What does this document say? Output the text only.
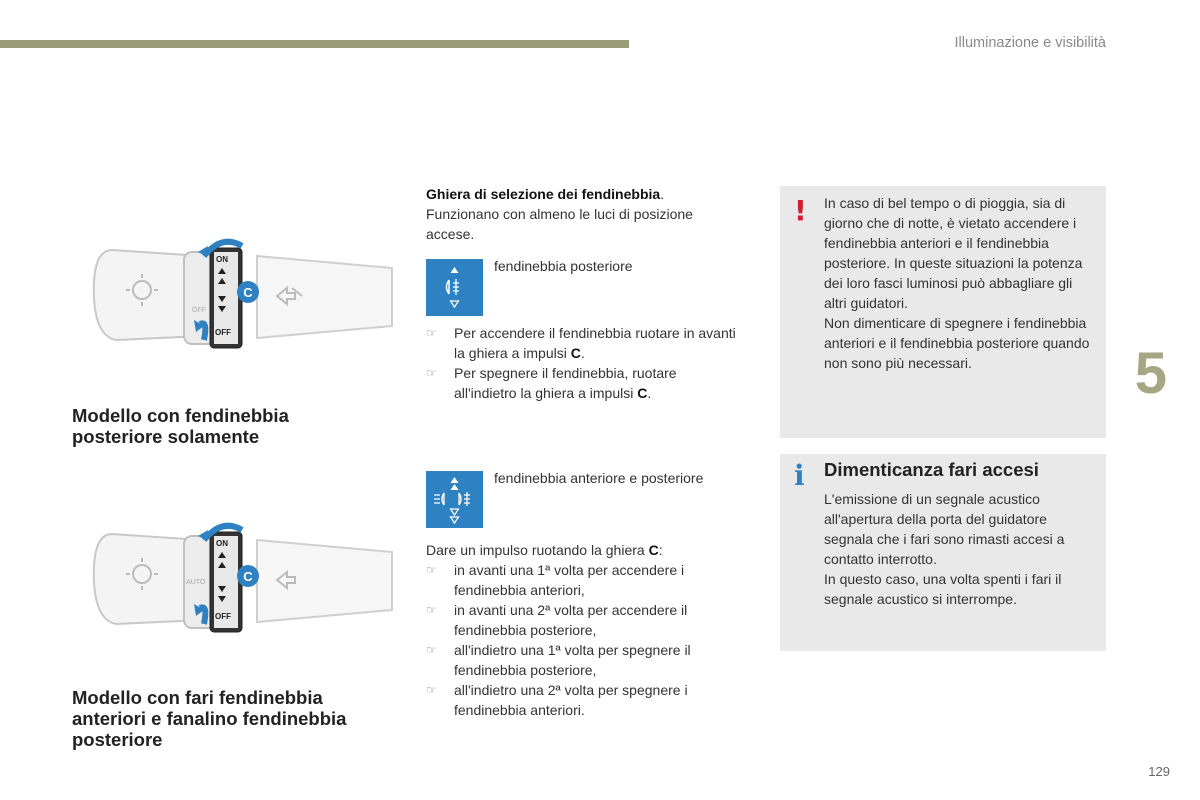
Illuminazione e visibilità
ON
OFF
OFF
C
Modello con fendinebbia posteriore solamente
ON
OFF
AUTO	C
Modello con fari fendinebbia anteriori e fanalino fendinebbia posteriore
Ghiera di selezione dei fendinebbia.
Funzionano con almeno le luci di posizione accese.
fendinebbia posteriore
☞ Per accendere il fendinebbia ruotare in avanti la ghiera a impulsi C.
☞ Per spegnere il fendinebbia, ruotare all'indietro la ghiera a impulsi C.
fendinebbia anteriore e posteriore
Dare un impulso ruotando la ghiera C:
☞ in avanti una 1ª volta per accendere i fendinebbia anteriori,
☞ in avanti una 2ª volta per accendere il fendinebbia posteriore,
☞ all'indietro una 1ª volta per spegnere il fendinebbia posteriore,
☞ all'indietro una 2ª volta per spegnere i fendinebbia anteriori.
! In caso di bel tempo o di pioggia, sia di giorno che di notte, è vietato accendere i fendinebbia anteriori e il fendinebbia posteriore. In queste situazioni la potenza dei loro fasci luminosi può abbagliare gli altri guidatori.
Non dimenticare di spegnere i fendinebbia anteriori e il fendinebbia posteriore quando non sono più necessari.
i Dimenticanza fari accesi
L'emissione di un segnale acustico all'apertura della porta del guidatore segnala che i fari sono rimasti accesi a contatto interrotto.
In questo caso, una volta spenti i fari il segnale acustico si interrompe.
5
129
